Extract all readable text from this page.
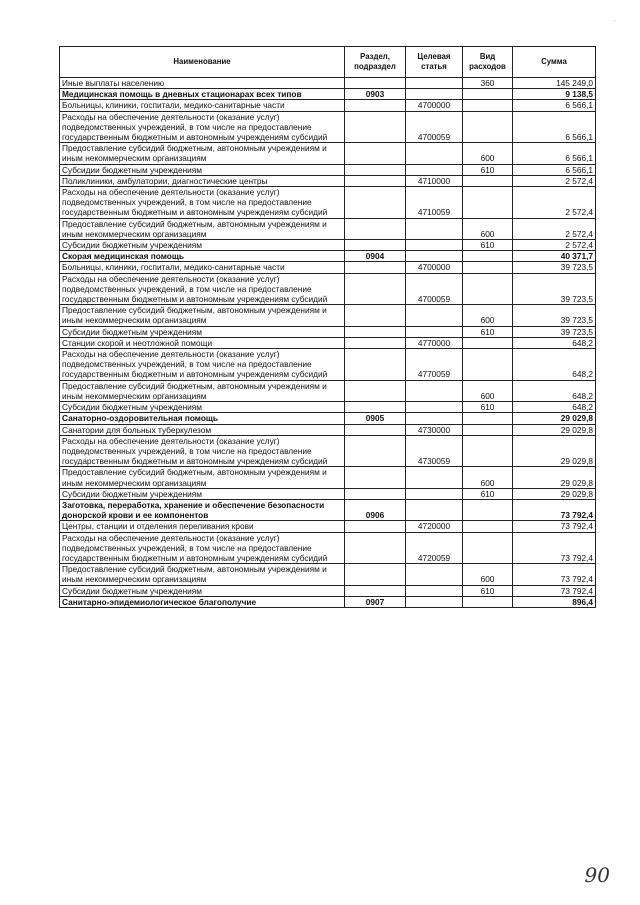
·
Наименование	Раздел, подраздел	Целевая статья	Вид расходов	Сумма
Иные выплаты населению			360	145 249,0
Медицинская помощь в дневных стационарах всех типов	0903			9 138,5
Больницы, клиники, госпитали, медико-санитарные части		4700000		6 566,1
Расходы на обеспечение деятельности (оказание услуг) подведомственных учреждений, в том числе на предоставление государственным бюджетным и автономным учреждениям субсидий		4700059		6 566,1
Предоставление субсидий бюджетным, автономным учреждениям и иным некоммерческим организациям			600	6 566,1
Субсидии бюджетным учреждениям			610	6 566,1
Поликлиники, амбулатории, диагностические центры		4710000		2 572,4
Расходы на обеспечение деятельности (оказание услуг) подведомственных учреждений, в том числе на предоставление государственным бюджетным и автономным учреждениям субсидий		4710059		2 572,4
Предоставление субсидий бюджетным, автономным учреждениям и иным некоммерческим организациям			600	2 572,4
Субсидии бюджетным учреждениям			610	2 572,4
Скорая медицинская помощь	0904			40 371,7
Больницы, клиники, госпитали, медико-санитарные части		4700000		39 723,5
Расходы на обеспечение деятельности (оказание услуг) подведомственных учреждений, в том числе на предоставление государственным бюджетным и автономным учреждениям субсидий		4700059		39 723,5
Предоставление субсидий бюджетным, автономным учреждениям и иным некоммерческим организациям			600	39 723,5
Субсидии бюджетным учреждениям			610	39 723,5
Станции скорой и неотложной помощи		4770000		648,2
Расходы на обеспечение деятельности (оказание услуг) подведомственных учреждений, в том числе на предоставление государственным бюджетным и автономным учреждениям субсидий		4770059		648,2
Предоставление субсидий бюджетным, автономным учреждениям и иным некоммерческим организациям			600	648,2
Субсидии бюджетным учреждениям			610	648,2
Санаторно-оздоровительная помощь	0905			29 029,8
Санатории для больных туберкулезом		4730000		29 029,8
Расходы на обеспечение деятельности (оказание услуг) подведомственных учреждений, в том числе на предоставление государственным бюджетным и автономным учреждениям субсидий		4730059		29 029,8
Предоставление субсидий бюджетным, автономным учреждениям и иным некоммерческим организациям			600	29 029,8
Субсидии бюджетным учреждениям			610	29 029,8
Заготовка, переработка, хранение и обеспечение безопасности донорской крови и ее компонентов	0906			73 792,4
Центры, станции и отделения переливания крови		4720000		73 792,4
Расходы на обеспечение деятельности (оказание услуг) подведомственных учреждений, в том числе на предоставление государственным бюджетным и автономным учреждениям субсидий		4720059		73 792,4
Предоставление субсидий бюджетным, автономным учреждениям и иным некоммерческим организациям			600	73 792,4
Субсидии бюджетным учреждениям			610	73 792,4
Санитарно-эпидемиологическое благополучие	0907			896,4
90
